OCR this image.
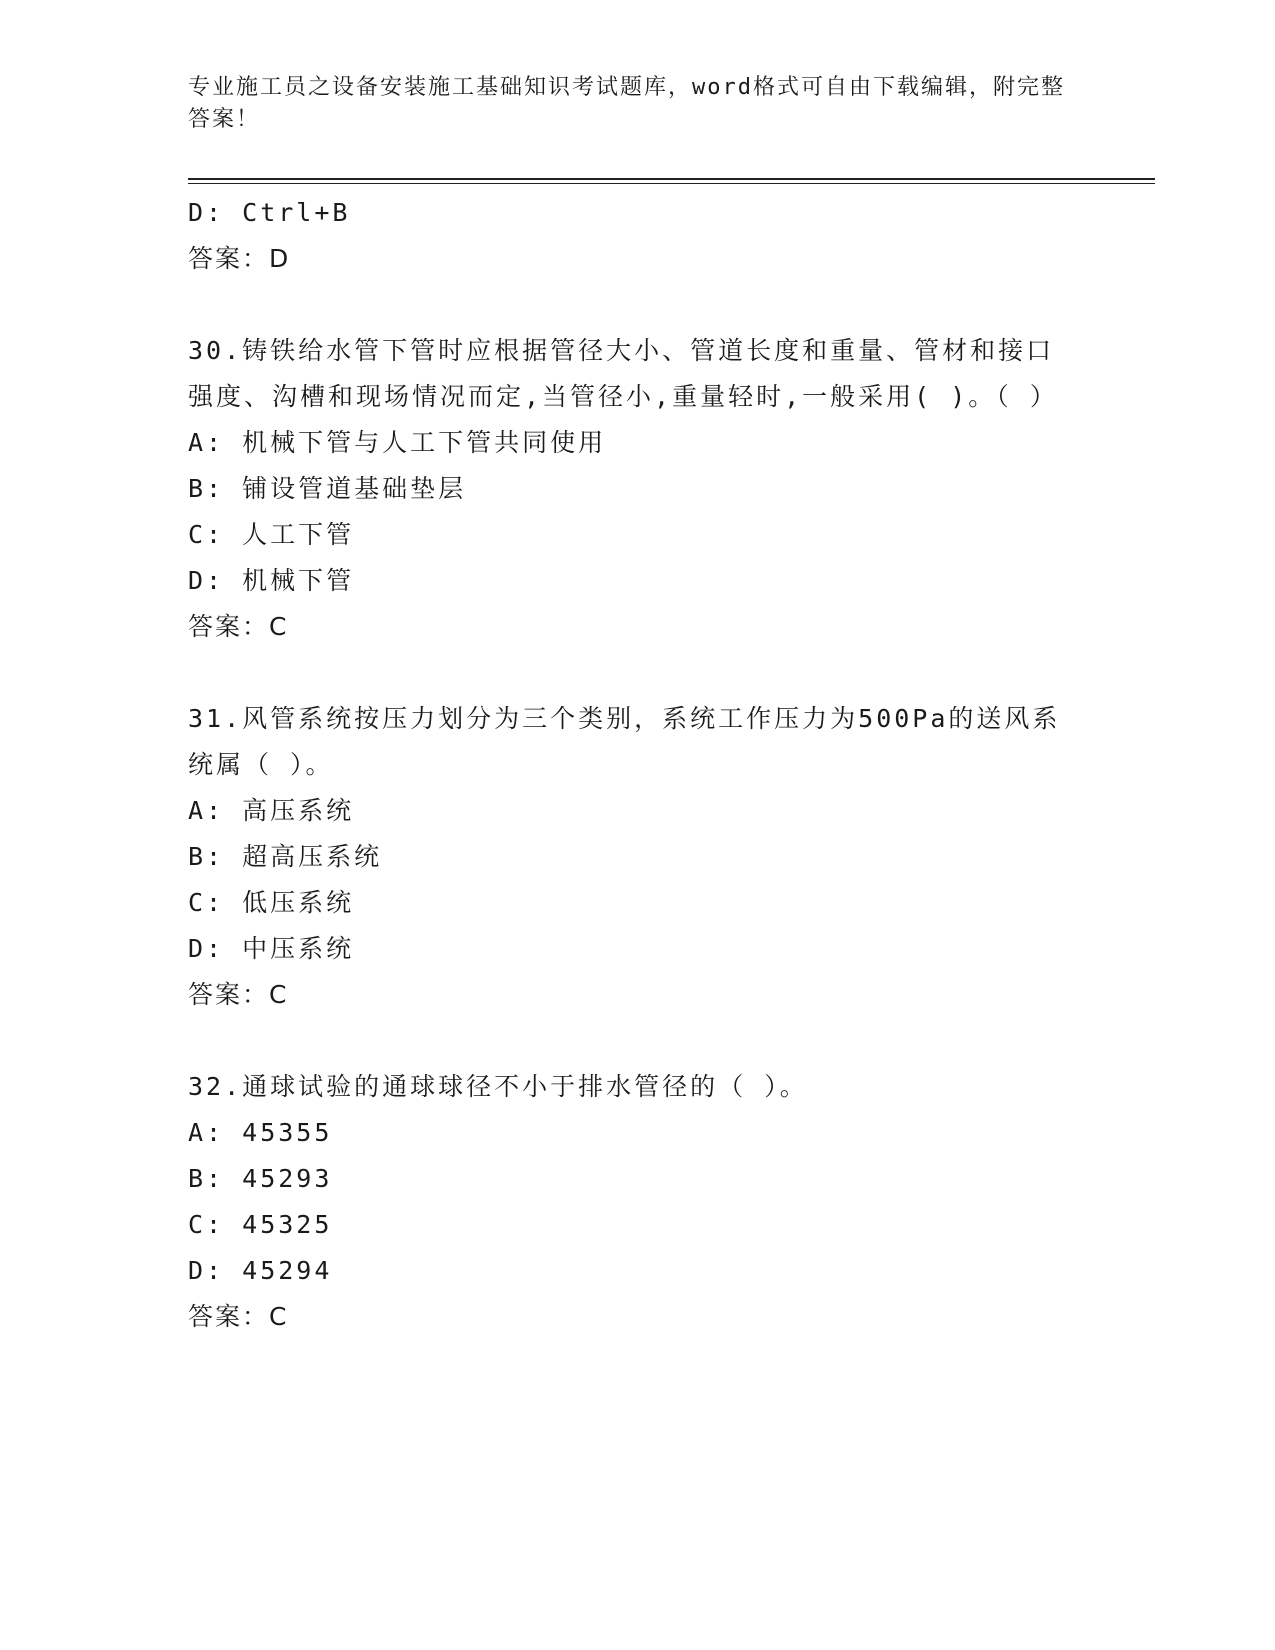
专业施工员之设备安装施工基础知识考试题库，word格式可自由下载编辑，附完整答案！
D: Ctrl+B
答案：D
30.铸铁给水管下管时应根据管径大小、管道长度和重量、管材和接口强度、沟槽和现场情况而定,当管径小,重量轻时,一般采用( )。（ ）
A: 机械下管与人工下管共同使用
B: 铺设管道基础垫层
C: 人工下管
D: 机械下管
答案：C
31.风管系统按压力划分为三个类别，系统工作压力为500Pa的送风系统属（ ）。
A: 高压系统
B: 超高压系统
C: 低压系统
D: 中压系统
答案：C
32.通球试验的通球球径不小于排水管径的（ ）。
A: 45355
B: 45293
C: 45325
D: 45294
答案：C
